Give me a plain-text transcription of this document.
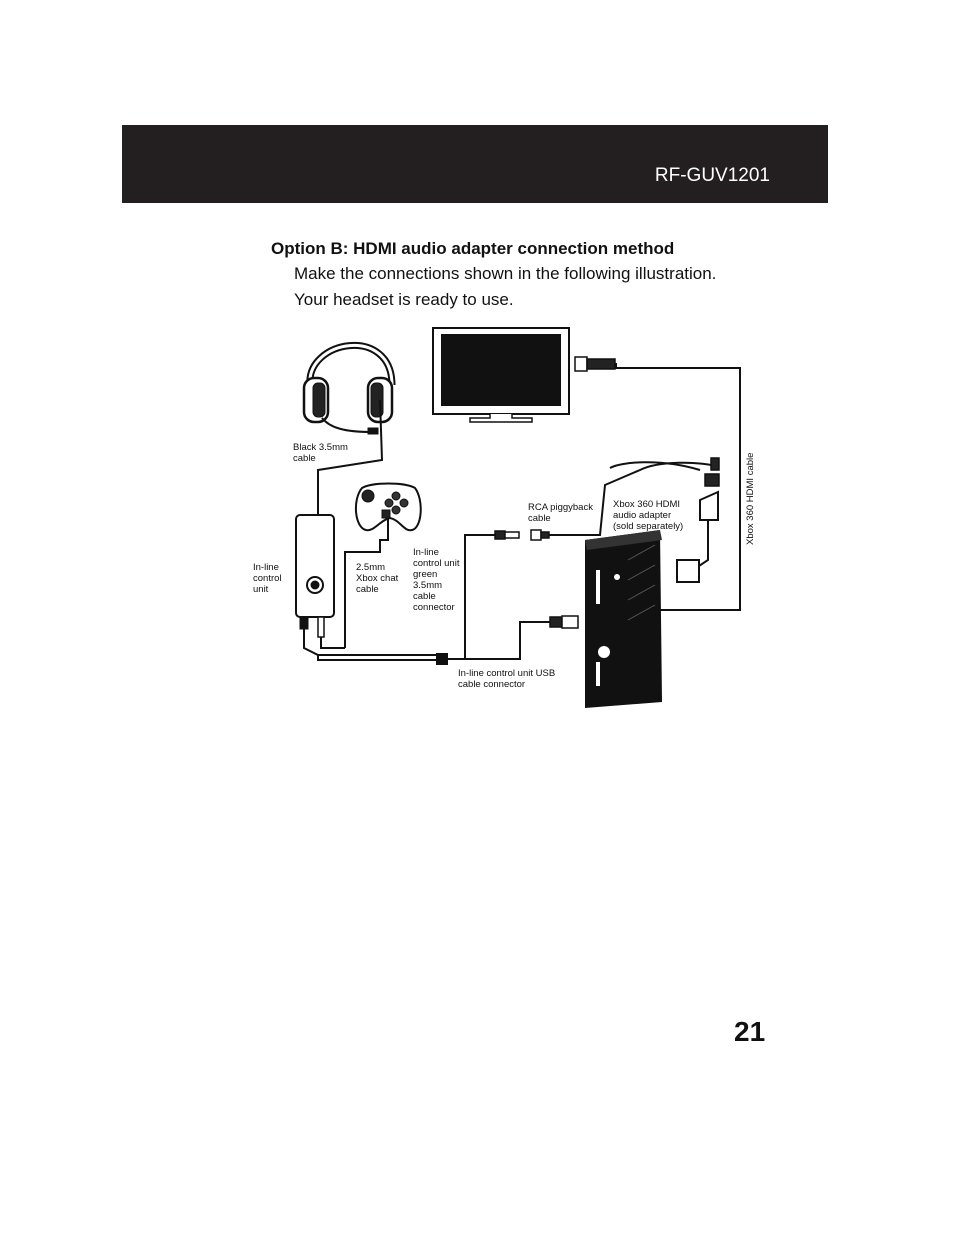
RF-GUV1201
Option B: HDMI audio adapter connection method
Make the connections shown in the following illustration.
Your headset is ready to use.
Black 3.5mm
cable
In-line
control
unit
2.5mm
Xbox chat
cable
In-line
control unit
green
3.5mm
cable
connector
RCA piggyback
cable
Xbox 360 HDMI
audio adapter
(sold separately)
In-line control unit USB
cable connector
Xbox 360 HDMI cable
21
